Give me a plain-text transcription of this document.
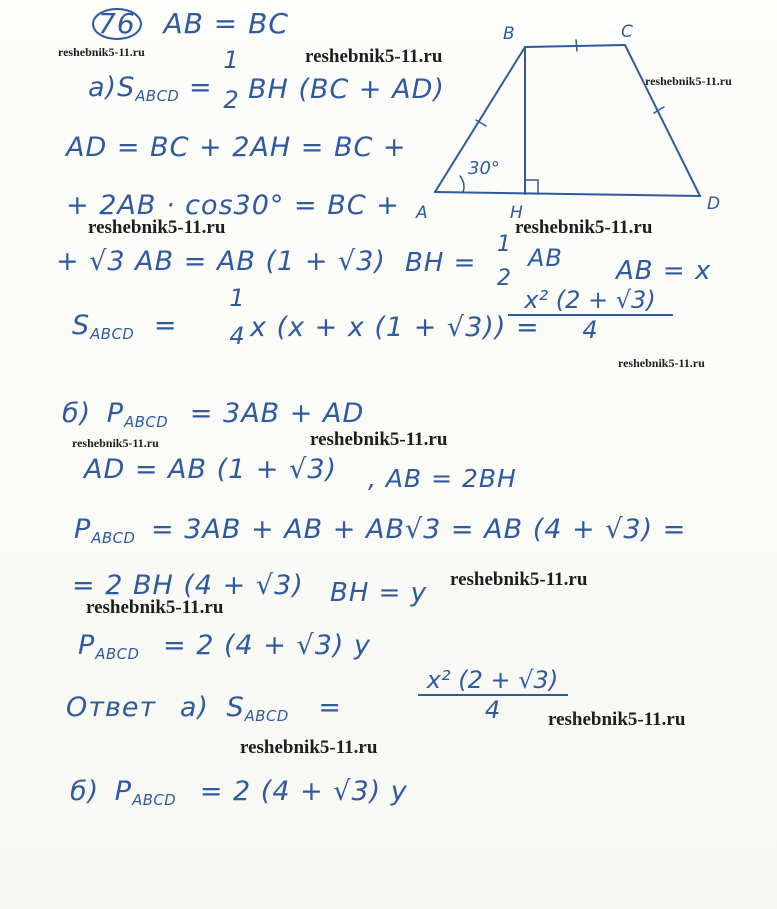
B	C
A	H	D
30°
76 AB = BC
$а)S_{ABCD}$ =
1
2 BH (BC + AD)
AD = BC + 2AH = BC +
+ 2AB · cos30° = BC +
+ √3 AB = AB (1 + √3) BH =
1
2
AB AB = x
$S_{ABCD}$ =
1
4 x (x + x (1 + √3)) =
x² (2 + √3)
4
б) $P_{ABCD} = 3AB$ + AD
AD = AB (1 + √3) , AB = 2BH
$P_{ABCD} = 3AB$ + AB + AB√3 = AB (4 + √3) =
= 2 BH (4 + √3) BH = y
$P_{ABCD} = 2$ (4 + √3) y
Ответ а) $S_{ABCD}$ =
x² (2 + √3)
4
б) $P_{ABCD} = 2$ (4 + √3) y
reshebnik5-11.ru	reshebnik5-11.ru
reshebnik5-11.ru
reshebnik5-11.ru	reshebnik5-11.ru
reshebnik5-11.ru
reshebnik5-11.ru	reshebnik5-11.ru
reshebnik5-11.ru
reshebnik5-11.ru
reshebnik5-11.ru
reshebnik5-11.ru
